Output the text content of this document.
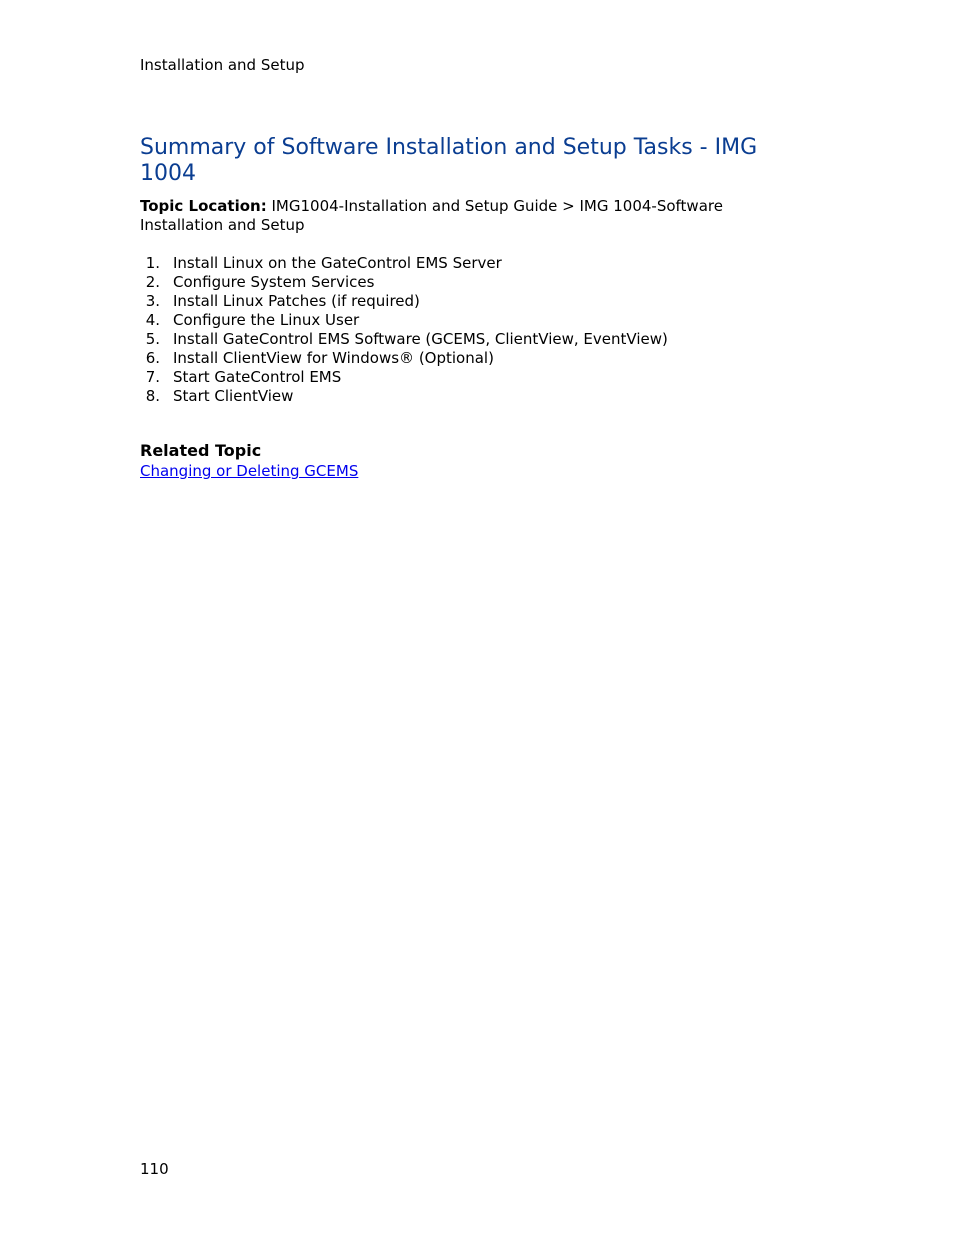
Installation and Setup
Summary of Software Installation and Setup Tasks - IMG 1004

Topic Location: IMG1004-Installation and Setup Guide > IMG 1004-Software Installation and Setup

1. Install Linux on the GateControl EMS Server
2. Configure System Services
3. Install Linux Patches (if required)
4. Configure the Linux User
5. Install GateControl EMS Software (GCEMS, ClientView, EventView)
6. Install ClientView for Windows® (Optional)
7. Start GateControl EMS
8. Start ClientView
Related Topic
Changing or Deleting GCEMS
110
